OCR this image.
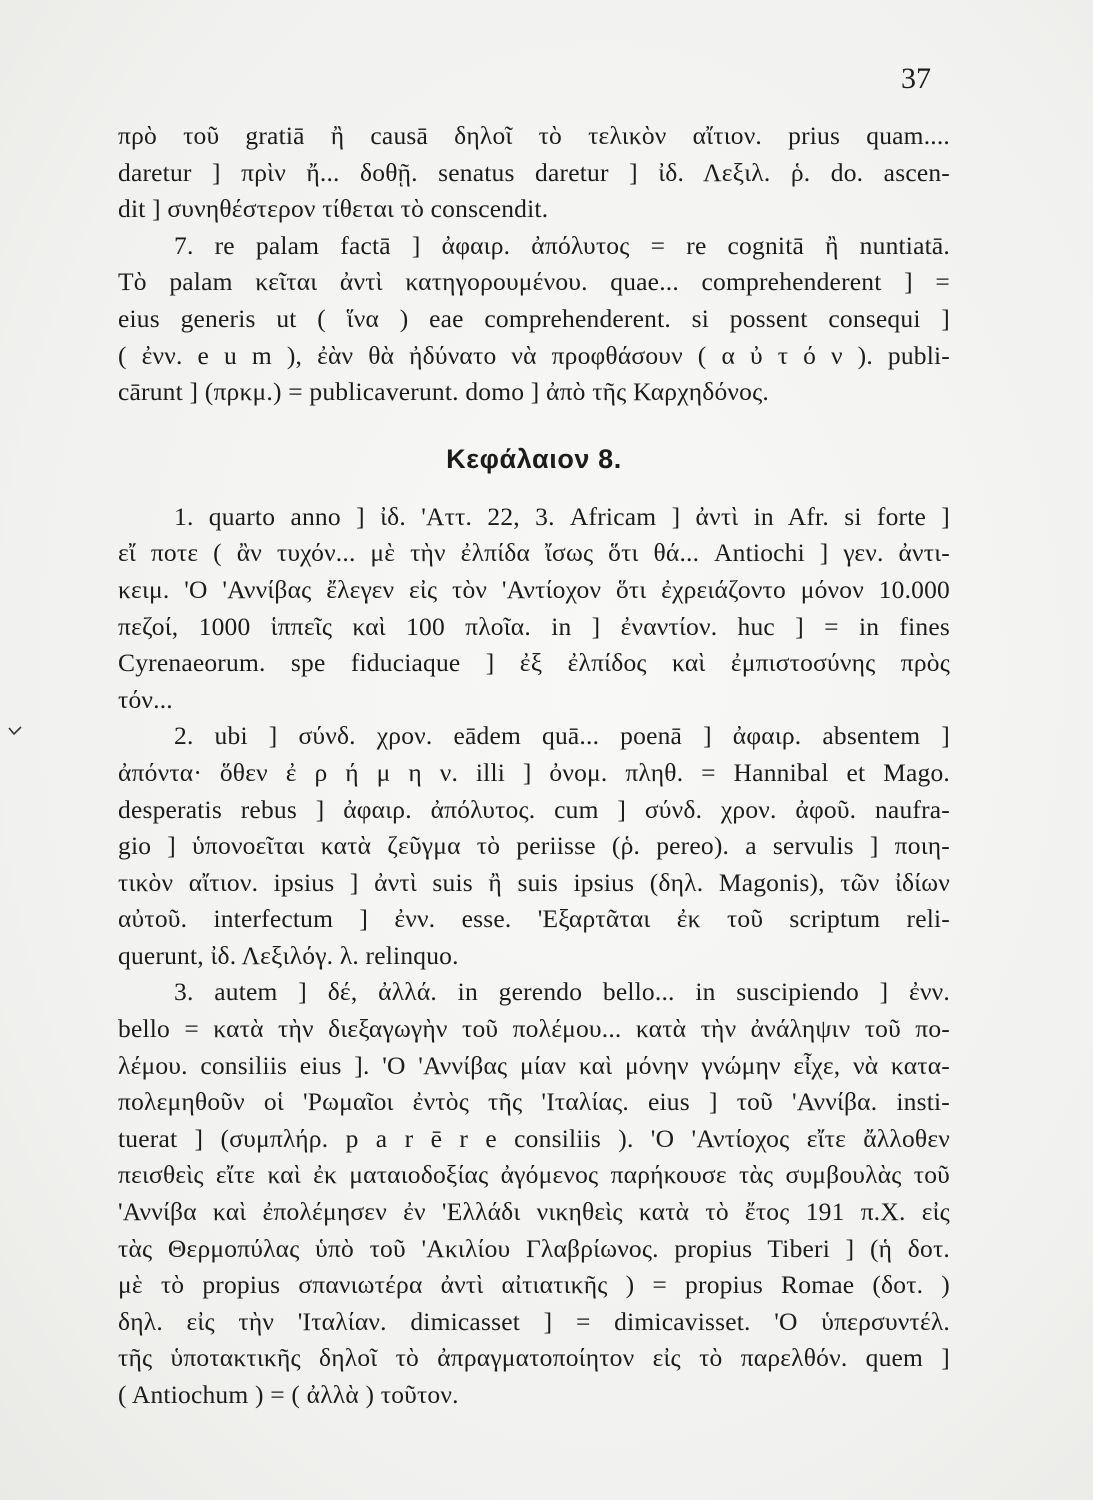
37
πρὸ τοῦ gratiā ἢ causā δηλοῖ τὸ τελικὸν αἴτιον. prius quam....
daretur ] πρὶν ἤ... δοθῇ. senatus daretur ] ἰδ. Λεξιλ. ῥ. do. ascen-
dit ] συνηθέστερον τίθεται τὸ conscendit.
7. re palam factā ] ἀφαιρ. ἀπόλυτος = re cognitā ἢ nuntiatā.
Τὸ palam κεῖται ἀντὶ κατηγορουμένου. quae... comprehenderent ] =
eius generis ut ( ἵνα ) eae comprehenderent. si possent consequi ]
( ἐνν. e u m ), ἐὰν θὰ ἠδύνατο νὰ προφθάσουν ( α ὐ τ ό ν ). publi-
cārunt ] (πρκμ.) = publicaverunt. domo ] ἀπὸ τῆς Καρχηδόνος.
Κεφάλαιον 8.
1. quarto anno ] ἰδ. 'Αττ. 22, 3. Africam ] ἀντὶ in Afr. si forte ]
εἴ ποτε ( ἂν τυχόν... μὲ τὴν ἐλπίδα ἴσως ὅτι θά... Antiochi ] γεν. ἀντι-
κειμ. 'Ο 'Αννίβας ἔλεγεν εἰς τὸν 'Αντίοχον ὅτι ἐχρειάζοντο μόνον 10.000
πεζοί, 1000 ἱππεῖς καὶ 100 πλοῖα. in ] ἐναντίον. huc ] = in fines
Cyrenaeorum. spe fiduciaque ] ἐξ ἐλπίδος καὶ ἐμπιστοσύνης πρὸς
τόν...
2. ubi ] σύνδ. χρον. eādem quā... poenā ] ἀφαιρ. absentem ]
ἀπόντα· ὅθεν ἐ ρ ή μ η ν. illi ] ὀνομ. πληθ. = Hannibal et Mago.
desperatis rebus ] ἀφαιρ. ἀπόλυτος. cum ] σύνδ. χρον. ἀφοῦ. naufra-
gio ] ὑπονοεῖται κατὰ ζεῦγμα τὸ periisse (ῥ. pereo). a servulis ] ποιη-
τικὸν αἴτιον. ipsius ] ἀντὶ suis ἢ suis ipsius (δηλ. Magonis), τῶν ἰδίων
αὐτοῦ. interfectum ] ἐνν. esse. 'Εξαρτᾶται ἐκ τοῦ scriptum reli-
querunt, ἰδ. Λεξιλόγ. λ. relinquo.
3. autem ] δέ, ἀλλά. in gerendo bello... in suscipiendo ] ἐνν.
bello = κατὰ τὴν διεξαγωγὴν τοῦ πολέμου... κατὰ τὴν ἀνάληψιν τοῦ πο-
λέμου. consiliis eius ]. 'Ο 'Αννίβας μίαν καὶ μόνην γνώμην εἶχε, νὰ κατα-
πολεμηθοῦν οἱ 'Ρωμαῖοι ἐντὸς τῆς 'Ιταλίας. eius ] τοῦ 'Αννίβα. insti-
tuerat ] (συμπλήρ. p a r ē r e consiliis ). 'Ο 'Αντίοχος εἴτε ἄλλοθεν
πεισθεὶς εἴτε καὶ ἐκ ματαιοδοξίας ἀγόμενος παρήκουσε τὰς συμβουλὰς τοῦ
'Αννίβα καὶ ἐπολέμησεν ἐν 'Ελλάδι νικηθεὶς κατὰ τὸ ἔτος 191 π.Χ. εἰς
τὰς Θερμοπύλας ὑπὸ τοῦ 'Ακιλίου Γλαβρίωνος. propius Tiberi ] (ἡ δοτ.
μὲ τὸ propius σπανιωτέρα ἀντὶ αἰτιατικῆς ) = propius Romae (δοτ. )
δηλ. εἰς τὴν 'Ιταλίαν. dimicasset ] = dimicavisset. 'Ο ὑπερσυντέλ.
τῆς ὑποτακτικῆς δηλοῖ τὸ ἀπραγματοποίητον εἰς τὸ παρελθόν. quem ]
( Antiochum ) = ( ἀλλὰ ) τοῦτον.
